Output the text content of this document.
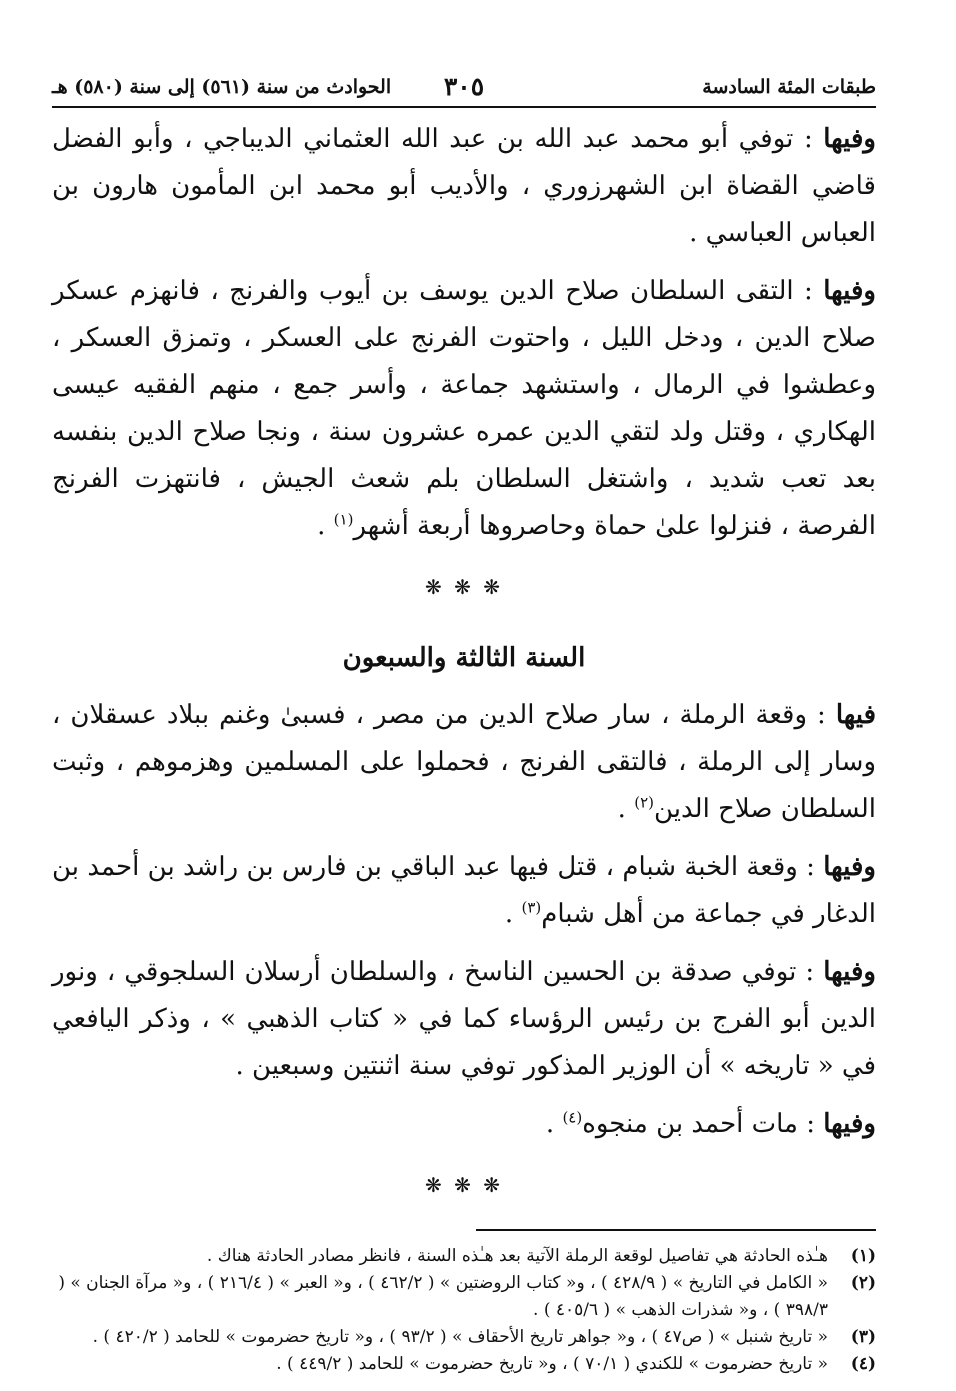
طبقات المئة السادسة
٣٠٥
الحوادث من سنة (٥٦١) إلى سنة (٥٨٠) هـ

وفيها : توفي أبو محمد عبد الله بن عبد الله العثماني الديباجي ، وأبو الفضل قاضي القضاة ابن الشهرزوري ، والأديب أبو محمد ابن المأمون هارون بن العباس العباسي .

وفيها : التقى السلطان صلاح الدين يوسف بن أيوب والفرنج ، فانهزم عسكر صلاح الدين ، ودخل الليل ، واحتوت الفرنج على العسكر ، وتمزق العسكر ، وعطشوا في الرمال ، واستشهد جماعة ، وأسر جمع ، منهم الفقيه عيسى الهكاري ، وقتل ولد لتقي الدين عمره عشرون سنة ، ونجا صلاح الدين بنفسه بعد تعب شديد ، واشتغل السلطان بلم شعث الجيش ، فانتهزت الفرنج الفرصة ، فنزلوا علىٰ حماة وحاصروها أربعة أشهر$^{(١)}$ .

❋ ❋ ❋
السنة الثالثة والسبعون

فيها : وقعة الرملة ، سار صلاح الدين من مصر ، فسبىٰ وغنم ببلاد عسقلان ، وسار إلى الرملة ، فالتقى الفرنج ، فحملوا على المسلمين وهزموهم ، وثبت السلطان صلاح الدين$^{(٢)}$ .

وفيها : وقعة الخبة شبام ، قتل فيها عبد الباقي بن فارس بن راشد بن أحمد بن الدغار في جماعة من أهل شبام$^{(٣)}$ .

وفيها : توفي صدقة بن الحسين الناسخ ، والسلطان أرسلان السلجوقي ، ونور الدين أبو الفرج بن رئيس الرؤساء كما في « كتاب الذهبي » ، وذكر اليافعي في « تاريخه » أن الوزير المذكور توفي سنة اثنتين وسبعين .

وفيها : مات أحمد بن منجوه$^{(٤)}$ .

❋ ❋ ❋
(١)
هـٰذه الحادثة هي تفاصيل لوقعة الرملة الآتية بعد هـٰذه السنة ، فانظر مصادر الحادثة هناك .
(٢)
« الكامل في التاريخ » ( ٤٢٨/٩ ) ، و« كتاب الروضتين » ( ٤٦٢/٢ ) ، و« العبر » ( ٢١٦/٤ ) ، و« مرآة الجنان » ( ٣٩٨/٣ ) ، و« شذرات الذهب » ( ٤٠٥/٦ ) .
(٣)
« تاريخ شنبل » ( ص٤٧ ) ، و« جواهر تاريخ الأحقاف » ( ٩٣/٢ ) ، و« تاريخ حضرموت » للحامد ( ٤٢٠/٢ ) .
(٤)
« تاريخ حضرموت » للكندي ( ٧٠/١ ) ، و« تاريخ حضرموت » للحامد ( ٤٤٩/٢ ) .
